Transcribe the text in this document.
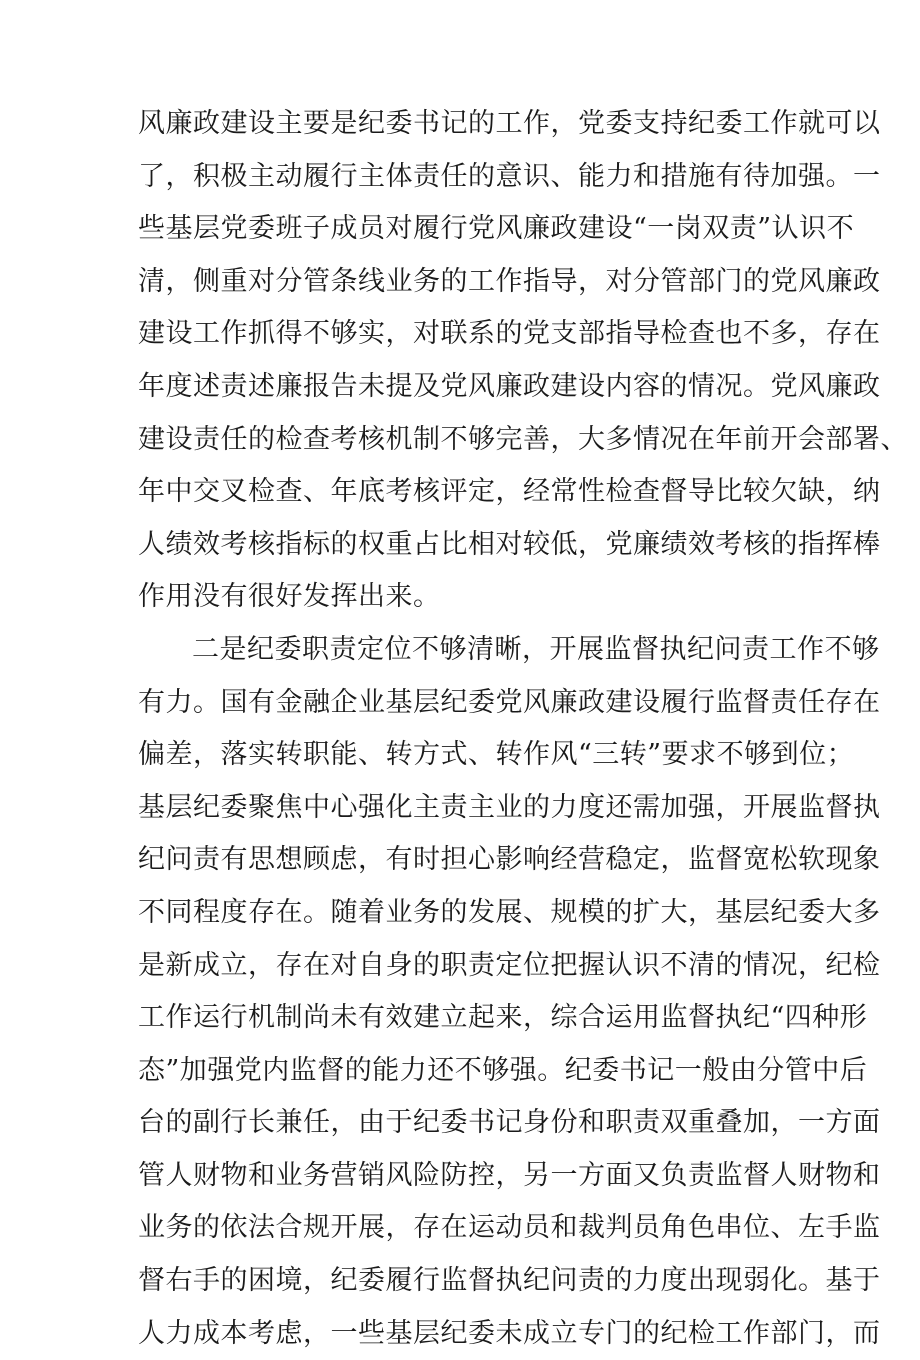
风廉政建设主要是纪委书记的工作，党委支持纪委工作就可以
了，积极主动履行主体责任的意识、能力和措施有待加强。一
些基层党委班子成员对履行党风廉政建设“一岗双责”认识不
清，侧重对分管条线业务的工作指导，对分管部门的党风廉政
建设工作抓得不够实，对联系的党支部指导检查也不多，存在
年度述责述廉报告未提及党风廉政建设内容的情况。党风廉政
建设责任的检查考核机制不够完善，大多情况在年前开会部署、
年中交叉检查、年底考核评定，经常性检查督导比较欠缺，纳
人绩效考核指标的权重占比相对较低，党廉绩效考核的指挥棒
作用没有很好发挥出来。
二是纪委职责定位不够清晰，开展监督执纪问责工作不够
有力。国有金融企业基层纪委党风廉政建设履行监督责任存在
偏差，落实转职能、转方式、转作风“三转”要求不够到位；
基层纪委聚焦中心强化主责主业的力度还需加强，开展监督执
纪问责有思想顾虑，有时担心影响经营稳定，监督宽松软现象
不同程度存在。随着业务的发展、规模的扩大，基层纪委大多
是新成立，存在对自身的职责定位把握认识不清的情况，纪检
工作运行机制尚未有效建立起来，综合运用监督执纪“四种形
态”加强党内监督的能力还不够强。纪委书记一般由分管中后
台的副行长兼任，由于纪委书记身份和职责双重叠加，一方面
管人财物和业务营销风险防控，另一方面又负责监督人财物和
业务的依法合规开展，存在运动员和裁判员角色串位、左手监
督右手的困境，纪委履行监督执纪问责的力度出现弱化。基于
人力成本考虑，一些基层纪委未成立专门的纪检工作部门，而
